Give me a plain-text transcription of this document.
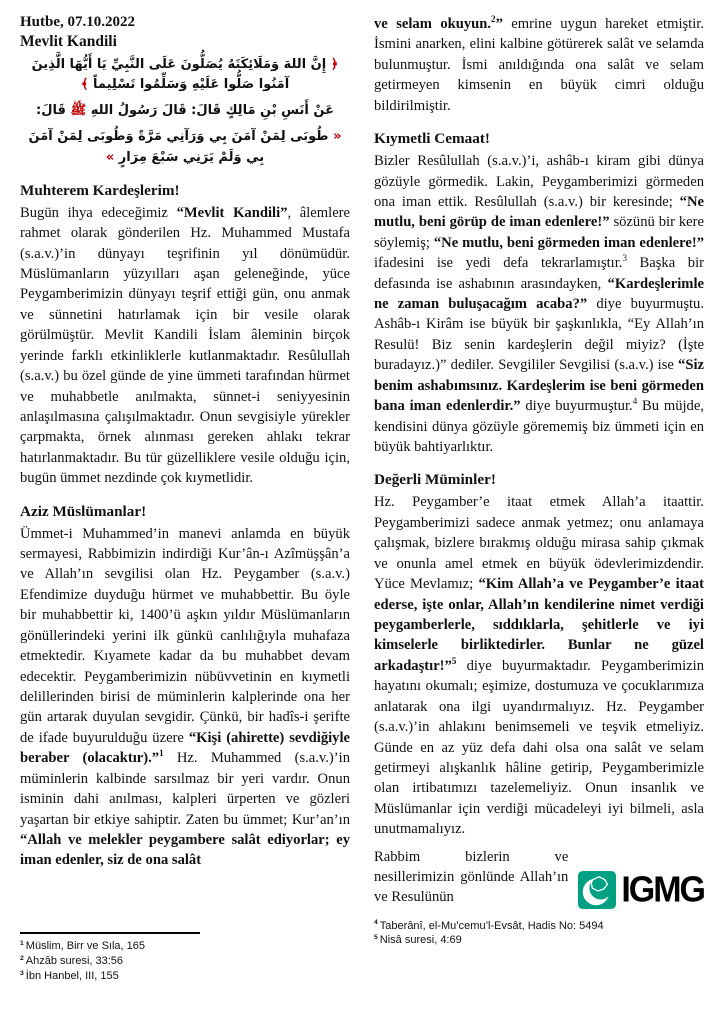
Hutbe, 07.10.2022

Mevlit Kandili

﴿ إِنَّ اللهَ وَمَلَائِكَتَهُ يُصَلُّونَ عَلَى النَّبِيِّ يَا أَيُّهَا الَّذِينَ آمَنُوا صَلُّوا عَلَيْهِ وَسَلِّمُوا تَسْلِيماً ﴾
عَنْ أَنَسِ بْنِ مَالِكٍ قَالَ: قَالَ رَسُولُ اللهِ ﷺ قَالَ:
« طُوبَى لِمَنْ آمَنَ بِي وَرَآنِي مَرَّةً وَطُوبَى لِمَنْ آمَنَ بِي وَلَمْ يَرَنِي سَبْعَ مِرَارٍ »
Muhterem Kardeşlerim!

Bugün ihya edeceğimiz “Mevlit Kandili”, âlemlere rahmet olarak gönderilen Hz. Muhammed Mustafa (s.a.v.)’in dünyayı teşrifinin yıl dönümüdür. Müslümanların yüzyılları aşan geleneğinde, yüce Peygamberimizin dünyayı teşrif ettiği gün, onu anmak ve sünnetini hatırlamak için bir vesile olarak görülmüştür. Mevlit Kandili İslam âleminin birçok yerinde farklı etkinliklerle kutlanmaktadır. Resûlullah (s.a.v.) bu özel günde de yine ümmeti tarafından hürmet ve muhabbetle anılmakta, sünnet-i seniyyesinin anlaşılmasına çalışılmaktadır. Onun sevgisiyle yürekler çarpmakta, örnek alınması gereken ahlakı tekrar hatırlanmaktadır. Bu tür güzelliklere vesile olduğu için, bugün ümmet nezdinde çok kıymetlidir.

Aziz Müslümanlar!

Ümmet-i Muhammed’in manevi anlamda en büyük sermayesi, Rabbimizin indirdiği Kur’ân-ı Azîmüşşân’a ve Allah’ın sevgilisi olan Hz. Peygamber (s.a.v.) Efendimize duyduğu hürmet ve muhabbettir. Bu öyle bir muhabbettir ki, 1400’ü aşkın yıldır Müslümanların gönüllerindeki yerini ilk günkü canlılığıyla muhafaza etmektedir. Kıyamete kadar da bu muhabbet devam edecektir. Peygamberimizin nübüvvetinin en kıymetli delillerinden birisi de müminlerin kalplerinde ona her gün artarak duyulan sevgidir. Çünkü, bir hadîs-i şerifte de ifade buyurulduğu üzere “Kişi (ahirette) sevdiğiyle beraber (olacaktır).”$^1$ Hz. Muhammed (s.a.v.)’in müminlerin kalbinde sarsılmaz bir yeri vardır. Onun isminin dahi anılması, kalpleri ürperten ve gözleri yaşartan bir etkiye sahiptir. Zaten bu ümmet; Kur’an’ın “Allah ve melekler peygambere salât ediyorlar; ey iman edenler, siz de ona salât

$^1$ Müslim, Birr ve Sıla, 165

$^2$ Ahzâb suresi, 33:56

$^3$ İbn Hanbel, III, 155

ve selam okuyun.$^2$” emrine uygun hareket etmiştir. İsmini anarken, elini kalbine götürerek salât ve selamda bulunmuştur. İsmi anıldığında ona salât ve selam getirmeyen kimsenin en büyük cimri olduğu bildirilmiştir.

Kıymetli Cemaat!

Bizler Resûlullah (s.a.v.)’i, ashâb-ı kiram gibi dünya gözüyle görmedik. Lakin, Peygamberimizi görmeden ona iman ettik. Resûlullah (s.a.v.) bir keresinde; “Ne mutlu, beni görüp de iman edenlere!” sözünü bir kere söylemiş; “Ne mutlu, beni görmeden iman edenlere!” ifadesini ise yedi defa tekrarlamıştır.$^3$ Başka bir defasında ise ashabının arasındayken, “Kardeşlerimle ne zaman buluşacağım acaba?” diye buyurmuştu. Ashâb-ı Kirâm ise büyük bir şaşkınlıkla, “Ey Allah’ın Resulü! Biz senin kardeşlerin değil miyiz? (İşte buradayız.)” dediler. Sevgililer Sevgilisi (s.a.v.) ise “Siz benim ashabımsınız. Kardeşlerim ise beni görmeden bana iman edenlerdir.” diye buyurmuştur.$^4$ Bu müjde, kendisini dünya gözüyle görememiş biz ümmeti için en büyük bahtiyarlıktır.

Değerli Müminler!

Hz. Peygamber’e itaat etmek Allah’a itaattir. Peygamberimizi sadece anmak yetmez; onu anlamaya çalışmak, bizlere bırakmış olduğu mirasa sahip çıkmak ve onunla amel etmek en büyük ödevlerimizdendir. Yüce Mevlamız; “Kim Allah’a ve Peygamber’e itaat ederse, işte onlar, Allah’ın kendilerine nimet verdiği peygamberlerle, sıddıklarla, şehitlerle ve iyi kimselerle birliktedirler. Bunlar ne güzel arkadaştır!”$^5$ diye buyurmaktadır. Peygamberimizin hayatını okumalı; eşimize, dostumuza ve çocuklarımıza anlatarak ona ilgi uyandırmalıyız. Hz. Peygamber (s.a.v.)’in ahlakını benimsemeli ve teşvik etmeliyiz. Günde en az yüz defa dahi olsa ona salât ve selam getirmeyi alışkanlık hâline getirip, Peygamberimizle olan irtibatımızı tazelemeliyiz. Onun insanlık ve Müslümanlar için verdiği mücadeleyi iyi bilmeli, asla unutmamalıyız.

IGMG

Rabbim bizlerin ve nesillerimizin gönlünde Allah’ın ve Resulünün

$^4$ Taberânî, el-Mu’cemu’l-Evsât, Hadis No: 5494

$^5$ Nisâ suresi, 4:69
